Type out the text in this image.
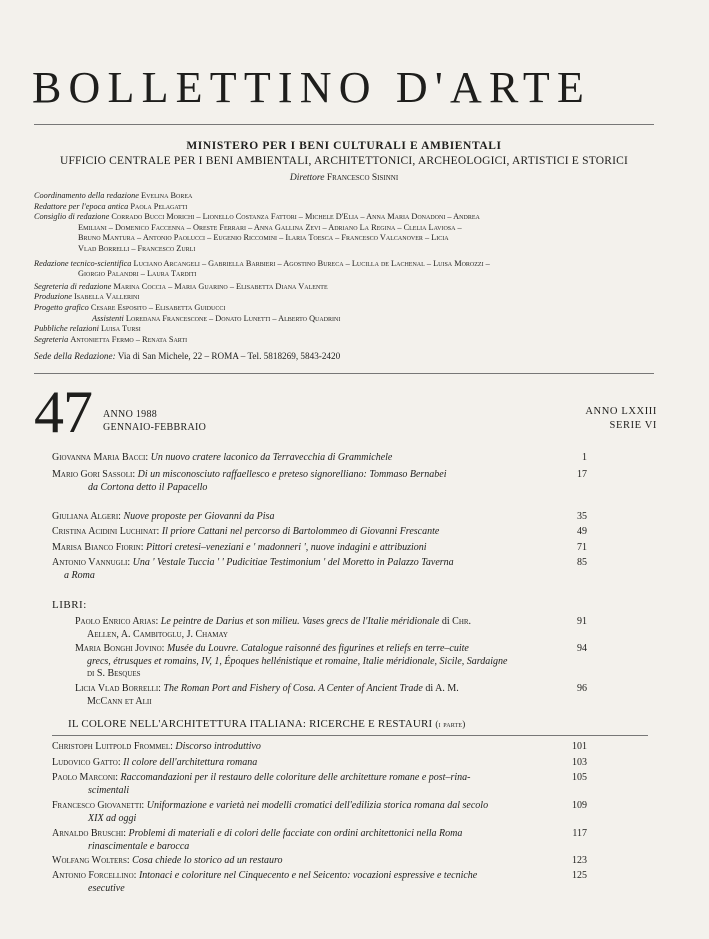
BOLLETTINO D'ARTE
MINISTERO PER I BENI CULTURALI E AMBIENTALI
UFFICIO CENTRALE PER I BENI AMBIENTALI, ARCHITETTONICI, ARCHEOLOGICI, ARTISTICI E STORICI
Direttore Francesco Sisinni
Coordinamento della redazione Evelina Borea
Redattore per l'epoca antica Paola Pelagatti
Consiglio di redazione Corrado Bucci Morichi – Lionello Costanza Fattori – Michele D'Elia – Anna Maria Donadoni – Andrea
Emiliani – Domenico Faccenna – Oreste Ferrari – Anna Gallina Zevi – Adriano La Regina – Clelia Laviosa –
Bruno Mantura – Antonio Paolucci – Eugenio Riccomini – Ilaria Toesca – Francesco Valcanover – Licia
Vlad Borrelli – Francesco Zurli
Redazione tecnico-scientifica Luciano Arcangeli – Gabriella Barbieri – Agostino Bureca – Lucilla de Lachenal – Luisa Morozzi –
Giorgio Palandri – Laura Tarditi
Segreteria di redazione Marina Coccia – Maria Guarino – Elisabetta Diana Valente
Produzione Isabella Vallerini
Progetto grafico Cesare Esposito – Elisabetta Guiducci
Assistenti Loredana Francescone – Donato Lunetti – Alberto Quadrini
Pubbliche relazioni Luisa Tursi
Segreteria Antonietta Fermo – Renata Sarti
Sede della Redazione: Via di San Michele, 22 – ROMA – Tel. 5818269, 5843-2420
47 ANNO 1988
GENNAIO-FEBBRAIO
ANNO LXXIII
SERIE VI
Giovanna Maria Bacci: Un nuovo cratere laconico da Terravecchia di Grammichele	1
Mario Gori Sassoli: Di un misconosciuto raffaellesco e preteso signorelliano: Tommaso Bernabei
da Cortona detto il Papacello
17
Giuliana Algeri: Nuove proposte per Giovanni da Pisa	35
Cristina Acidini Luchinat: Il priore Cattani nel percorso di Bartolommeo di Giovanni Frescante	49
Marisa Bianco Fiorin: Pittori cretesi–veneziani e ' madonneri ', nuove indagini e attribuzioni	71
Antonio Vannugli: Una ' Vestale Tuccia ' ' Pudicitiae Testimonium ' del Moretto in Palazzo Taverna
a Roma
85
LIBRI:
Paolo Enrico Arias: Le peintre de Darius et son milieu. Vases grecs de l'Italie méridionale di Chr.
Aellen, A. Cambitoglu, J. Chamay
91
Maria Bonghi Jovino: Musée du Louvre. Catalogue raisonné des figurines et reliefs en terre–cuite
grecs, étrusques et romains, IV, 1, Époques hellénistique et romaine, Italie méridionale, Sicile, Sardaigne
di S. Besques
94
Licia Vlad Borrelli: The Roman Port and Fishery of Cosa. A Center of Ancient Trade di A. M.
McCann et Alii
96
IL COLORE NELL'ARCHITETTURA ITALIANA: RICERCHE E RESTAURI (i parte)
Christoph Luitpold Frommel: Discorso introduttivo	101
Ludovico Gatto: Il colore dell'architettura romana	103
Paolo Marconi: Raccomandazioni per il restauro delle coloriture delle architetture romane e post–rina-
scimentali
105
Francesco Giovanetti: Uniformazione e varietà nei modelli cromatici dell'edilizia storica romana dal secolo
XIX ad oggi
109
Arnaldo Bruschi: Problemi di materiali e di colori delle facciate con ordini architettonici nella Roma
rinascimentale e barocca
117
Wolfang Wolters: Cosa chiede lo storico ad un restauro	123
Antonio Forcellino: Intonaci e coloriture nel Cinquecento e nel Seicento: vocazioni espressive e tecniche
esecutive
125
